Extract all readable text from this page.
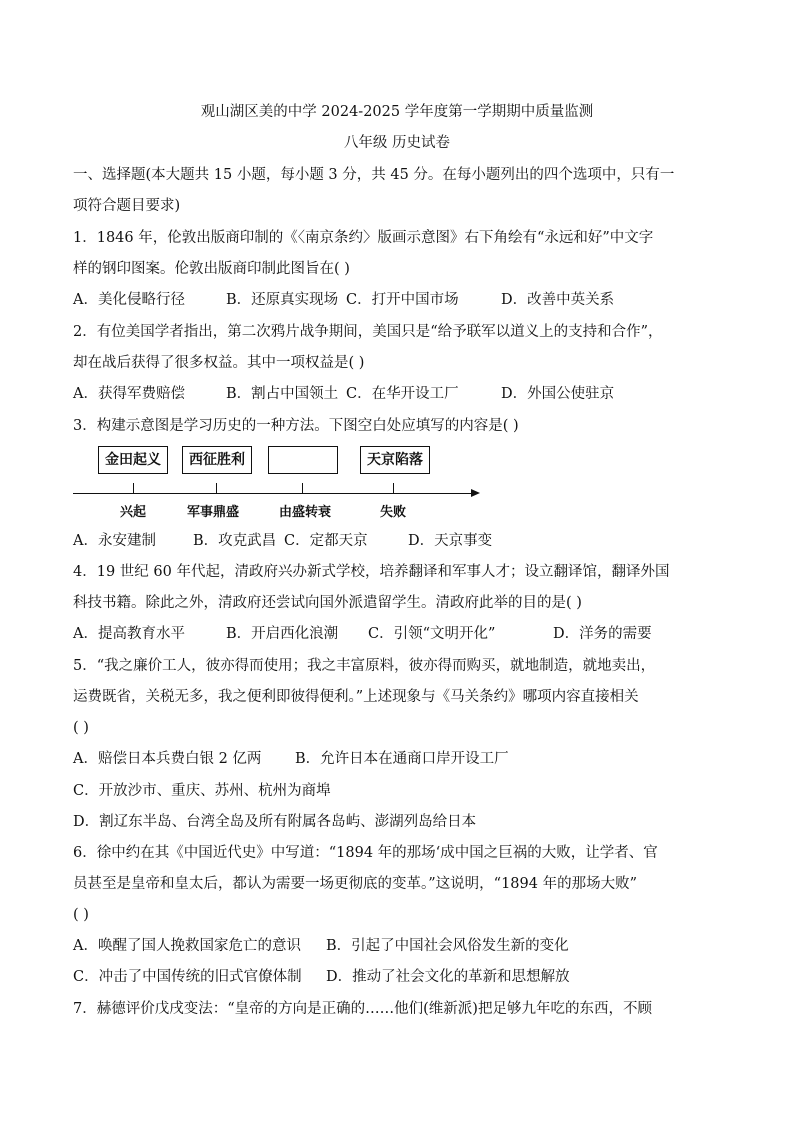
观山湖区美的中学 2024-2025 学年度第一学期期中质量监测
八年级 历史试卷
一、选择题(本大题共 15 小题，每小题 3 分，共 45 分。在每小题列出的四个选项中，只有一
项符合题目要求)
1．1846 年，伦敦出版商印制的《〈南京条约〉版画示意图》右下角绘有“永远和好”中文字
样的钢印图案。伦敦出版商印制此图旨在( )
A．美化侵略行径	B．还原真实现场 C．打开中国市场	D．改善中英关系
2．有位美国学者指出，第二次鸦片战争期间，美国只是“给予联军以道义上的支持和合作”，
却在战后获得了很多权益。其中一项权益是( )
A．获得军费赔偿	B．割占中国领土 C．在华开设工厂	D．外国公使驻京
3．构建示意图是学习历史的一种方法。下图空白处应填写的内容是( )
金田起义	西征胜利	天京陷落
兴起	军事鼎盛	由盛转衰	失败
A．永安建制	B．攻克武昌 C．定都天京	D．天京事变
4．19 世纪 60 年代起，清政府兴办新式学校，培养翻译和军事人才；设立翻译馆，翻译外国
科技书籍。除此之外，清政府还尝试向国外派遣留学生。清政府此举的目的是( )
A．提高教育水平	B．开启西化浪潮 C．引领“文明开化”	D．洋务的需要
5．“我之廉价工人，彼亦得而使用；我之丰富原料，彼亦得而购买，就地制造，就地卖出，
运费既省，关税无多，我之便利即彼得便利。”上述现象与《马关条约》哪项内容直接相关
( )
A．赔偿日本兵费白银 2 亿两 B．允许日本在通商口岸开设工厂
C．开放沙市、重庆、苏州、杭州为商埠
D．割辽东半岛、台湾全岛及所有附属各岛屿、澎湖列岛给日本
6．徐中约在其《中国近代史》中写道：“1894 年的那场‘成中国之巨祸的大败，让学者、官
员甚至是皇帝和皇太后，都认为需要一场更彻底的变革。”这说明，“1894 年的那场大败”
( )
A．唤醒了国人挽救国家危亡的意识 B．引起了中国社会风俗发生新的变化
C．冲击了中国传统的旧式官僚体制 D．推动了社会文化的革新和思想解放
7．赫德评价戊戌变法：“皇帝的方向是正确的……他们(维新派)把足够九年吃的东西，不顾
